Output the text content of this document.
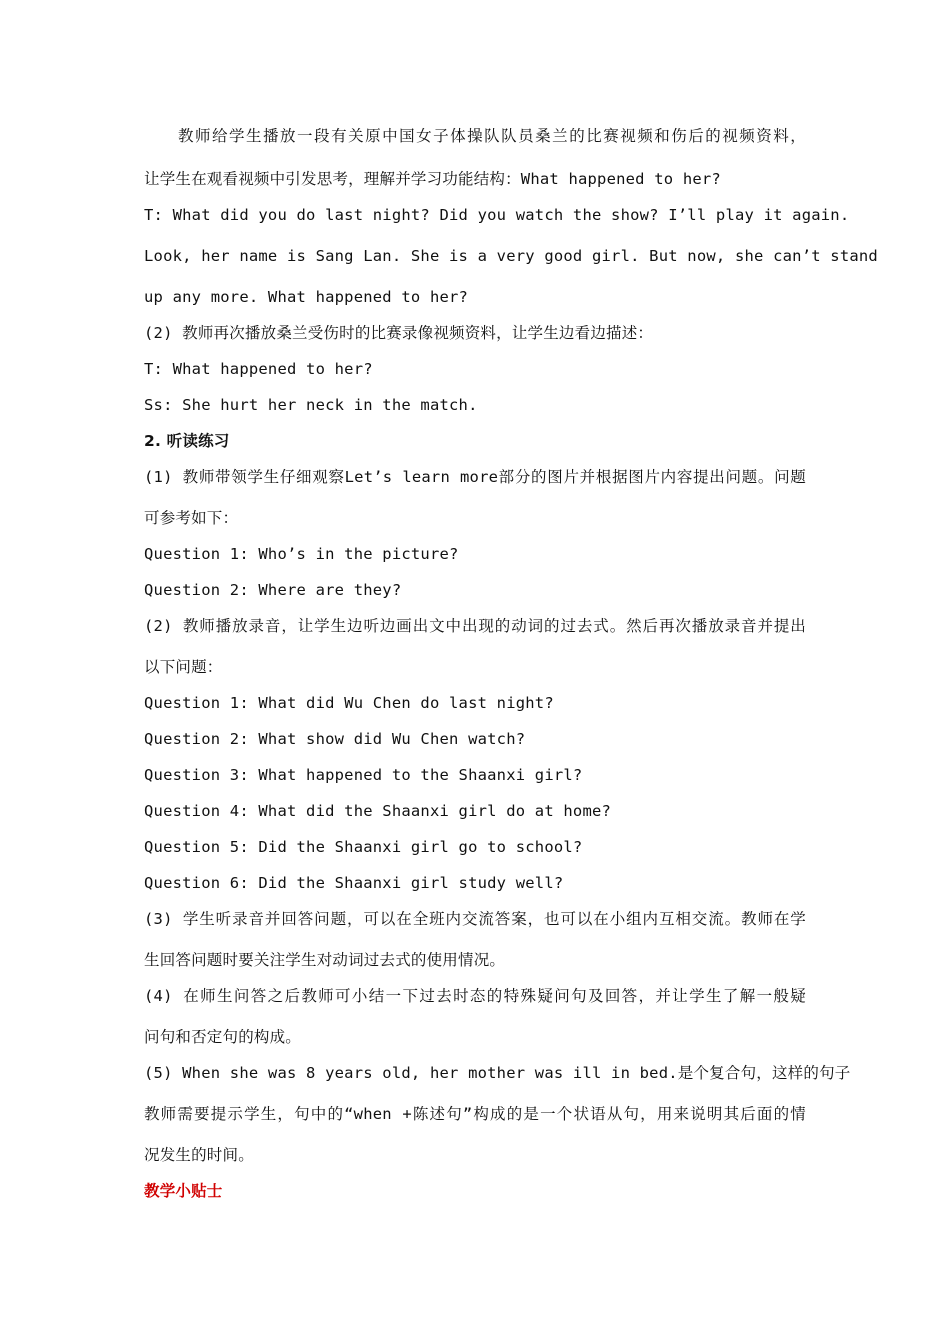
教师给学生播放一段有关原中国女子体操队队员桑兰的比赛视频和伤后的视频资料，
让学生在观看视频中引发思考，理解并学习功能结构：What happened to her?
T: What did you do last night? Did you watch the show? I’ll play it again.
Look, her name is Sang Lan. She is a very good girl. But now, she can’t stand
up any more. What happened to her?
(2) 教师再次播放桑兰受伤时的比赛录像视频资料，让学生边看边描述：
T: What happened to her?
Ss: She hurt her neck in the match.
2. 听读练习
(1) 教师带领学生仔细观察Let’s learn more部分的图片并根据图片内容提出问题。问题
可参考如下：
Question 1: Who’s in the picture?
Question 2: Where are they?
(2) 教师播放录音，让学生边听边画出文中出现的动词的过去式。然后再次播放录音并提出
以下问题：
Question 1: What did Wu Chen do last night?
Question 2: What show did Wu Chen watch?
Question 3: What happened to the Shaanxi girl?
Question 4: What did the Shaanxi girl do at home?
Question 5: Did the Shaanxi girl go to school?
Question 6: Did the Shaanxi girl study well?
(3) 学生听录音并回答问题，可以在全班内交流答案，也可以在小组内互相交流。教师在学
生回答问题时要关注学生对动词过去式的使用情况。
(4) 在师生问答之后教师可小结一下过去时态的特殊疑问句及回答，并让学生了解一般疑
问句和否定句的构成。
(5) When she was 8 years old, her mother was ill in bed.是个复合句，这样的句子
教师需要提示学生，句中的“when +陈述句”构成的是一个状语从句，用来说明其后面的情
况发生的时间。
教学小贴士
